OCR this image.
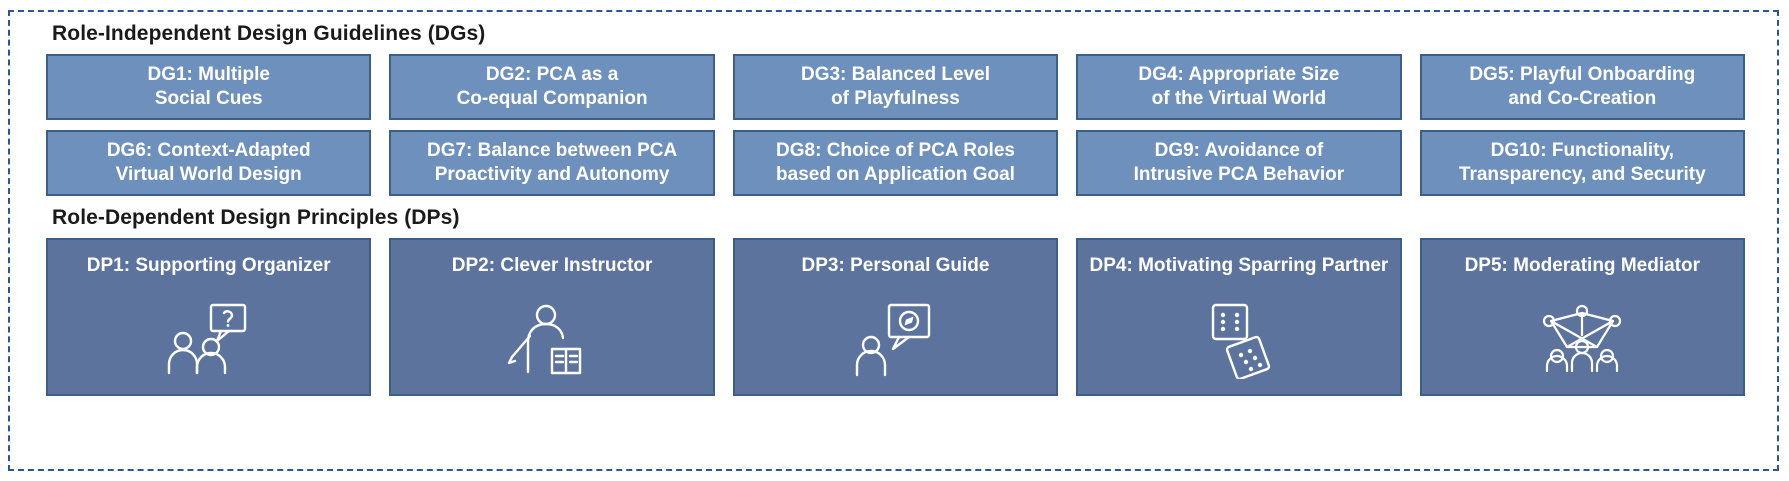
Role-Independent Design Guidelines (DGs)
DG1: Multiple
Social Cues
DG2: PCA as a
Co-equal Companion
DG3: Balanced Level
of Playfulness
DG4: Appropriate Size
of the Virtual World
DG5: Playful Onboarding
and Co-Creation
DG6: Context-Adapted
Virtual World Design
DG7: Balance between PCA
Proactivity and Autonomy
DG8: Choice of PCA Roles
based on Application Goal
DG9: Avoidance of
Intrusive PCA Behavior
DG10: Functionality,
Transparency, and Security
Role-Dependent Design Principles (DPs)
DP1: Supporting Organizer	DP2: Clever Instructor	DP3: Personal Guide	DP4: Motivating Sparring Partner	DP5: Moderating Mediator
